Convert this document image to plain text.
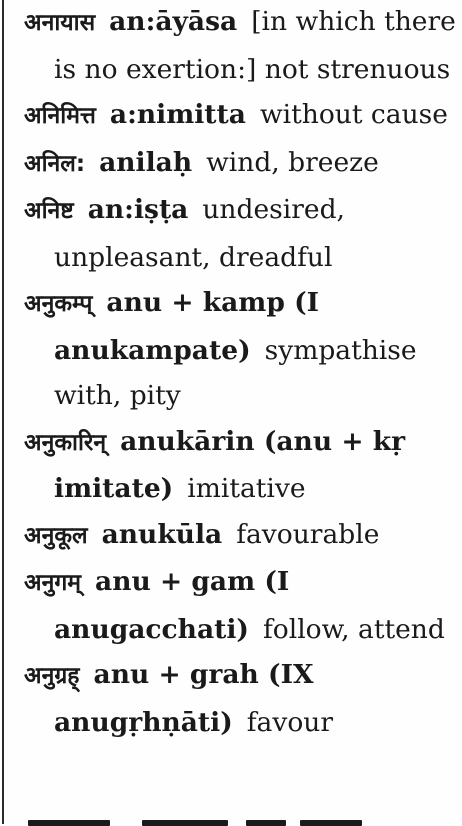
अनायास an:āyāsa [in which there is no exertion:] not strenuous

अनिमित्त a:nimitta without cause

अनिल: anilaḥ wind, breeze

अनिष्ट an:iṣṭa undesired, unpleasant, dreadful

अनुकम्प् anu + kamp (I anukampate) sympathise with, pity

अनुकारिन् anukārin (anu + kṛ imitate) imitative

अनुकूल anukūla favourable

अनुगम् anu + gam (I anugacchati) follow, attend

अनुग्रह् anu + grah (IX anugṛhṇāti) favour
